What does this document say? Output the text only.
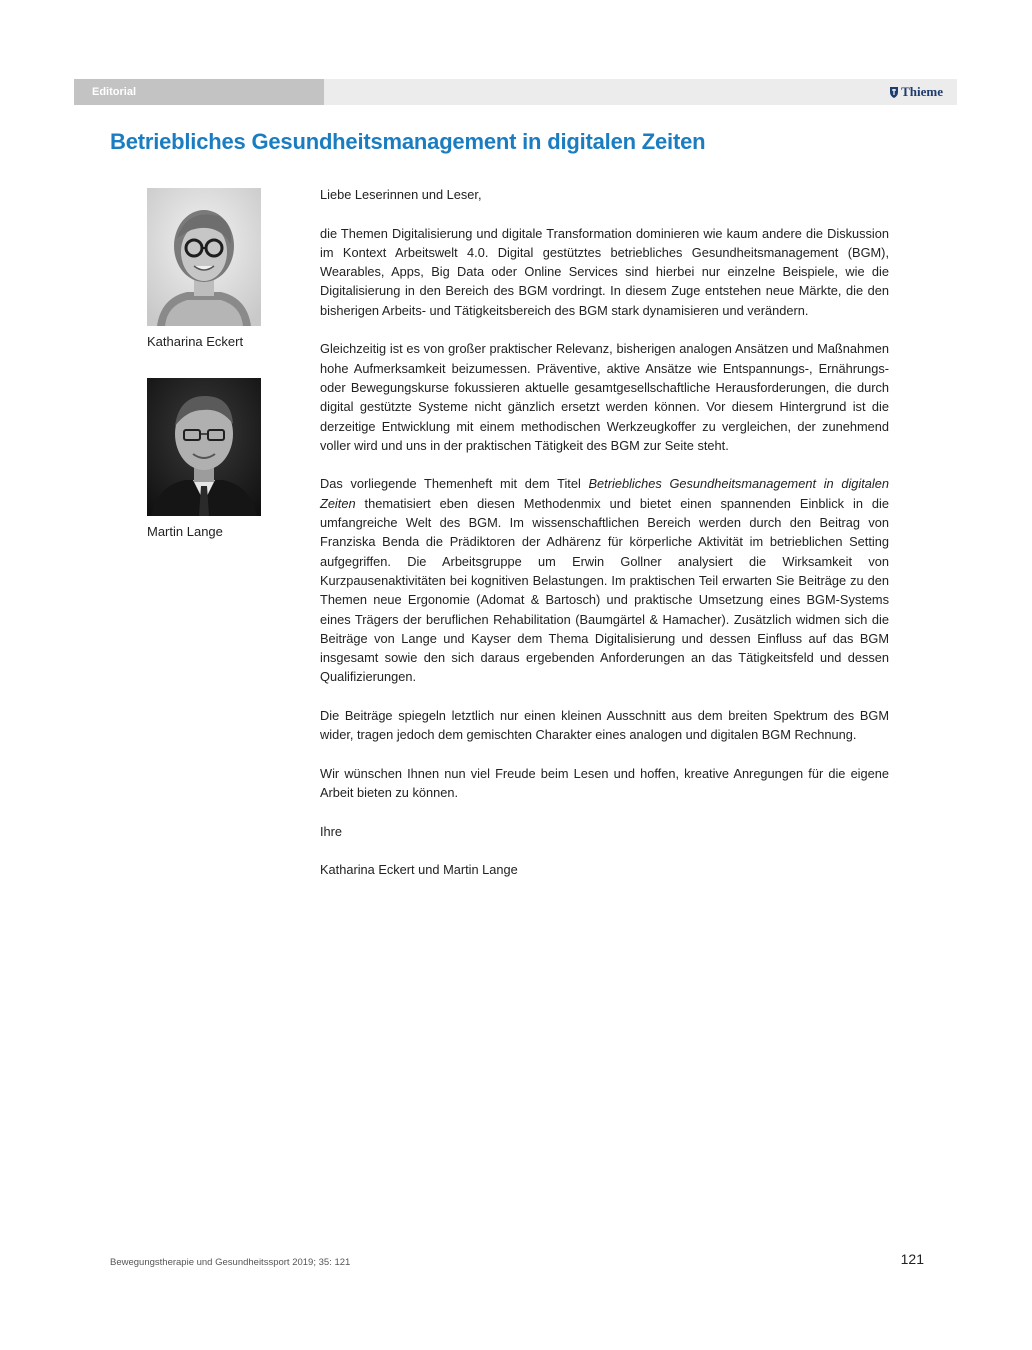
Editorial	Thieme
Betriebliches Gesundheitsmanagement in digitalen Zeiten
Katharina Eckert
Martin Lange

Liebe Leserinnen und Leser,

die Themen Digitalisierung und digitale Transformation dominieren wie kaum andere die Diskussion im Kontext Arbeitswelt 4.0. Digital gestütztes betriebliches Gesundheitsmanagement (BGM), Wearables, Apps, Big Data oder Online Services sind hierbei nur einzelne Beispiele, wie die Digitalisierung in den Bereich des BGM vordringt. In diesem Zuge entstehen neue Märkte, die den bisherigen Arbeits- und Tätigkeitsbereich des BGM stark dynamisieren und verändern.

Gleichzeitig ist es von großer praktischer Relevanz, bisherigen analogen Ansätzen und Maßnahmen hohe Aufmerksamkeit beizumessen. Präventive, aktive Ansätze wie Entspannungs-, Ernährungs- oder Bewegungskurse fokussieren aktuelle gesamtgesellschaftliche Herausforderungen, die durch digital gestützte Systeme nicht gänzlich ersetzt werden können. Vor diesem Hintergrund ist die derzeitige Entwicklung mit einem methodischen Werkzeugkoffer zu vergleichen, der zunehmend voller wird und uns in der praktischen Tätigkeit des BGM zur Seite steht.

Das vorliegende Themenheft mit dem Titel Betriebliches Gesundheitsmanagement in digitalen Zeiten thematisiert eben diesen Methodenmix und bietet einen spannenden Einblick in die umfangreiche Welt des BGM. Im wissenschaftlichen Bereich werden durch den Beitrag von Franziska Benda die Prädiktoren der Adhärenz für körperliche Aktivität im betrieblichen Setting aufgegriffen. Die Arbeitsgruppe um Erwin Gollner analysiert die Wirksamkeit von Kurzpausenaktivitäten bei kognitiven Belastungen. Im praktischen Teil erwarten Sie Beiträge zu den Themen neue Ergonomie (Adomat & Bartosch) und praktische Umsetzung eines BGM-Systems eines Trägers der beruflichen Rehabilitation (Baumgärtel & Hamacher). Zusätzlich widmen sich die Beiträge von Lange und Kayser dem Thema Digitalisierung und dessen Einfluss auf das BGM insgesamt sowie den sich daraus ergebenden Anforderungen an das Tätigkeitsfeld und dessen Qualifizierungen.

Die Beiträge spiegeln letztlich nur einen kleinen Ausschnitt aus dem breiten Spektrum des BGM wider, tragen jedoch dem gemischten Charakter eines analogen und digitalen BGM Rechnung.

Wir wünschen Ihnen nun viel Freude beim Lesen und hoffen, kreative Anregungen für die eigene Arbeit bieten zu können.

Ihre

Katharina Eckert und Martin Lange

Bewegungstherapie und Gesundheitssport 2019; 35: 121	121
